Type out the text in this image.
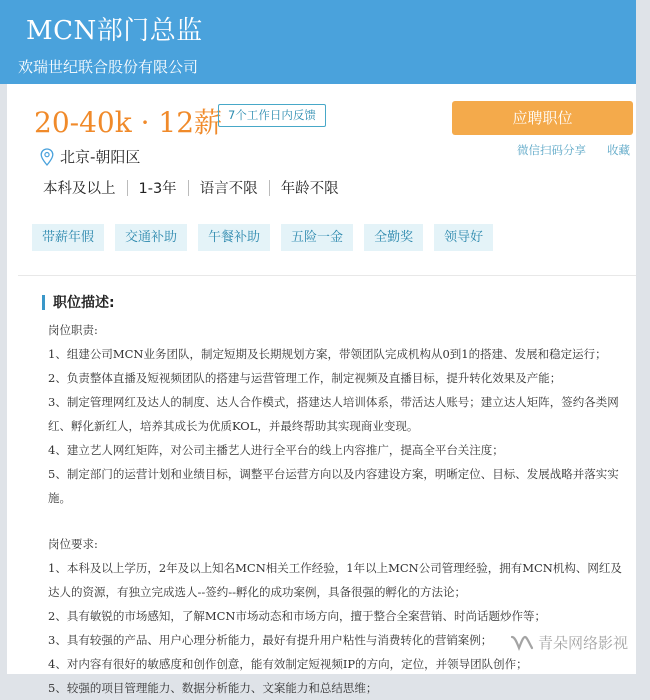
MCN部门总监
欢瑞世纪联合股份有限公司
20-40k · 12薪 7个工作日内反馈	应聘职位
微信扫码分享 收藏
北京-朝阳区
本科及以上 1-3年 语言不限 年龄不限
带薪年假	交通补助	午餐补助	五险一金	全勤奖	领导好
职位描述:

岗位职责:

1、组建公司MCN业务团队，制定短期及长期规划方案，带领团队完成机构从0到1的搭建、发展和稳定运行；

2、负责整体直播及短视频团队的搭建与运营管理工作，制定视频及直播目标，提升转化效果及产能；

3、制定管理网红及达人的制度、达人合作模式，搭建达人培训体系，带活达人账号；建立达人矩阵，签约各类网红、孵化新红人，培养其成长为优质KOL，并最终帮助其实现商业变现。

4、建立艺人网红矩阵，对公司主播艺人进行全平台的线上内容推广，提高全平台关注度；

5、制定部门的运营计划和业绩目标，调整平台运营方向以及内容建设方案，明晰定位、目标、发展战略并落实实施。

岗位要求:

1、本科及以上学历，2年及以上知名MCN相关工作经验，1年以上MCN公司管理经验，拥有MCN机构、网红及达人的资源，有独立完成选人--签约--孵化的成功案例，具备很强的孵化的方法论；

2、具有敏锐的市场感知，了解MCN市场动态和市场方向，擅于整合全案营销、时尚话题炒作等；

3、具有较强的产品、用户心理分析能力，最好有提升用户粘性与消费转化的营销案例；

4、对内容有很好的敏感度和创作创意，能有效制定短视频IP的方向，定位，并领导团队创作；

5、较强的项目管理能力、数据分析能力、文案能力和总结思维；

青朵网络影视
